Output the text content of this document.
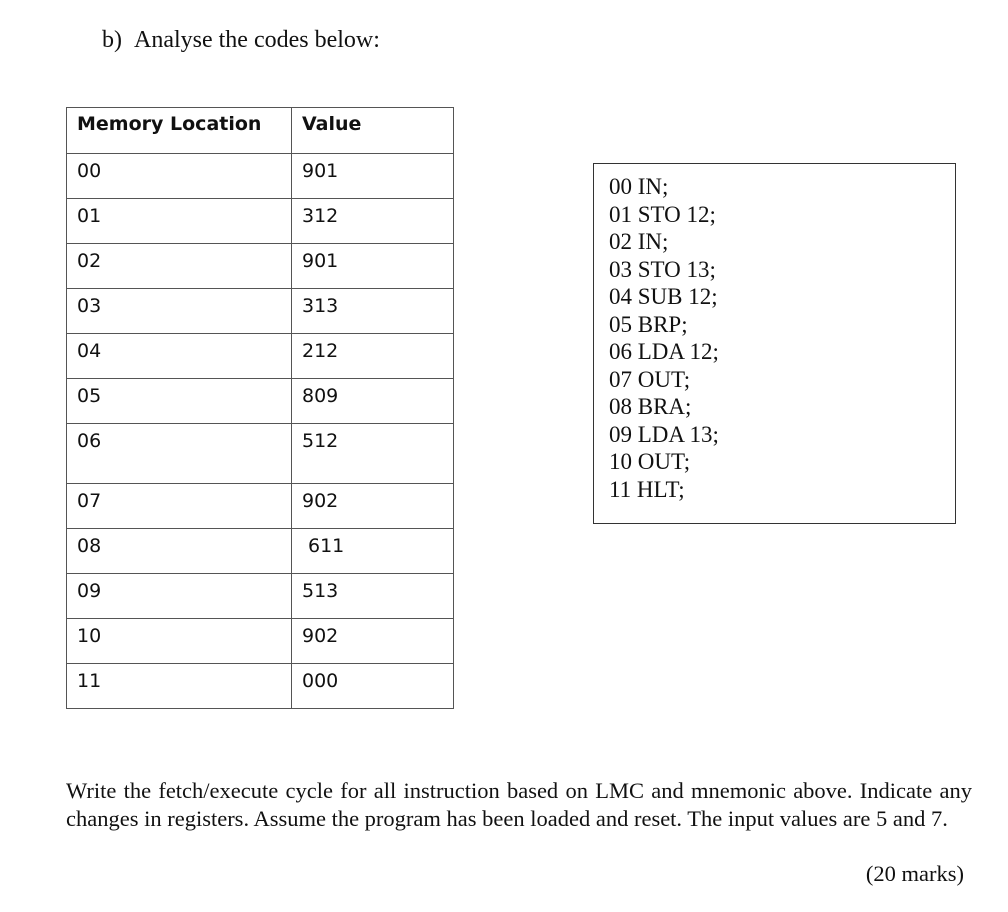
b)  Analyse the codes below:
Memory Location	Value
00	901
01	312
02	901
03	313
04	212
05	809
06	512
07	902
08	611
09	513
10	902
11	000
00 IN;
01 STO 12;
02 IN;
03 STO 13;
04 SUB 12;
05 BRP;
06 LDA 12;
07 OUT;
08 BRA;
09 LDA 13;
10 OUT;
11 HLT;
Write the fetch/execute cycle for all instruction based on LMC and mnemonic above. Indicate any changes in registers. Assume the program has been loaded and reset. The input values are 5 and 7.
(20 marks)
